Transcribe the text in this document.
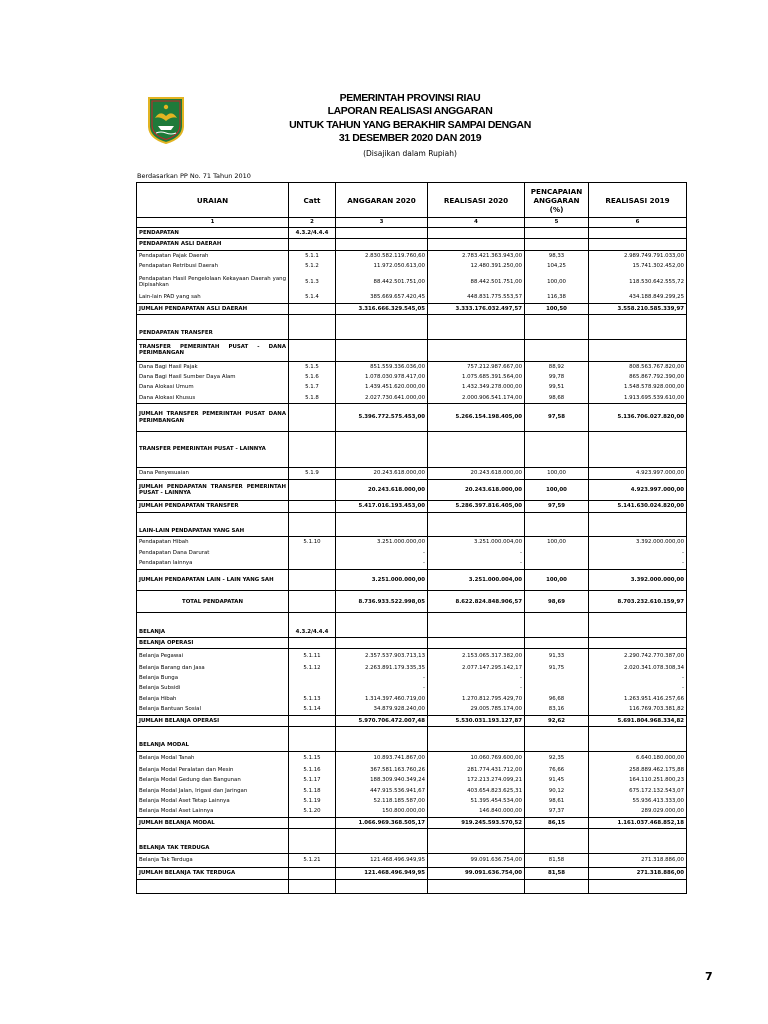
PEMERINTAH PROVINSI RIAU
LAPORAN REALISASI ANGGARAN
UNTUK TAHUN YANG BERAKHIR SAMPAI DENGAN
31 DESEMBER 2020 DAN 2019
(Disajikan dalam Rupiah)
Berdasarkan PP No. 71 Tahun 2010
URAIAN	Catt	ANGGARAN 2020	REALISASI 2020	PENCAPAIAN ANGGARAN (%)	REALISASI 2019
1	2	3	4	5	6
PENDAPATAN	4.3.2/4.4.4				
PENDAPATAN ASLI DAERAH					
Pendapatan Pajak Daerah	5.1.1	2.830.582.119.760,60	2.783.421.363.943,00	98,33	2.989.749.791.033,00
Pendapatan Retribusi Daerah	5.1.2	11.972.050.613,00	12.480.391.250,00	104,25	15.741.302.452,00
Pendapatan Hasil Pengelolaan Kekayaan Daerah yang Dipisahkan	5.1.3	88.442.501.751,00	88.442.501.751,00	100,00	118.530.642.555,72
Lain-lain PAD yang sah	5.1.4	385.669.657.420,45	448.831.775.553,57	116,38	434.188.849.299,25
JUMLAH PENDAPATAN ASLI DAERAH		3.316.666.329.545,05	3.333.176.032.497,57	100,50	3.558.210.585.339,97

PENDAPATAN TRANSFER					
TRANSFER PEMERINTAH PUSAT - DANA PERIMBANGAN					
Dana Bagi Hasil Pajak	5.1.5	851.559.336.036,00	757.212.987.667,00	88,92	808.563.767.820,00
Dana Bagi Hasil Sumber Daya Alam	5.1.6	1.078.030.978.417,00	1.075.685.391.564,00	99,78	865.867.792.390,00
Dana Alokasi Umum	5.1.7	1.439.451.620.000,00	1.432.349.278.000,00	99,51	1.548.578.928.000,00
Dana Alokasi Khusus	5.1.8	2.027.730.641.000,00	2.000.906.541.174,00	98,68	1.913.695.539.610,00
JUMLAH TRANSFER PEMERINTAH PUSAT DANA PERIMBANGAN		5.396.772.575.453,00	5.266.154.198.405,00	97,58	5.136.706.027.820,00
TRANSFER PEMERINTAH PUSAT - LAINNYA					
Dana Penyesuaian	5.1.9	20.243.618.000,00	20.243.618.000,00	100,00	4.923.997.000,00
JUMLAH PENDAPATAN TRANSFER PEMERINTAH PUSAT - LAINNYA		20.243.618.000,00	20.243.618.000,00	100,00	4.923.997.000,00
JUMLAH PENDAPATAN TRANSFER		5.417.016.193.453,00	5.286.397.816.405,00	97,59	5.141.630.024.820,00

LAIN-LAIN PENDAPATAN YANG SAH					
Pendapatan Hibah	5.1.10	3.251.000.000,00	3.251.000.004,00	100,00	3.392.000.000,00
Pendapatan Dana Darurat		-	-		-
Pendapatan lainnya		-	-		-
JUMLAH PENDAPATAN LAIN - LAIN YANG SAH		3.251.000.000,00	3.251.000.004,00	100,00	3.392.000.000,00
TOTAL PENDAPATAN		8.736.933.522.998,05	8.622.824.848.906,57	98,69	8.703.232.610.159,97

BELANJA	4.3.2/4.4.4				
BELANJA OPERASI					
Belanja Pegawai	5.1.11	2.357.537.903.713,13	2.153.065.317.382,00	91,33	2.290.742.770.387,00
Belanja Barang dan Jasa	5.1.12	2.263.891.179.335,35	2.077.147.295.142,17	91,75	2.020.341.078.308,34
Belanja Bunga		-	-		-
Belanja Subsidi		-	-		-
Belanja Hibah	5.1.13	1.314.397.460.719,00	1.270.812.795.429,70	96,68	1.263.951.416.257,66
Belanja Bantuan Sosial	5.1.14	34.879.928.240,00	29.005.785.174,00	83,16	116.769.703.381,82
JUMLAH BELANJA OPERASI		5.970.706.472.007,48	5.530.031.193.127,87	92,62	5.691.804.968.334,82

BELANJA MODAL					
Belanja Modal Tanah	5.1.15	10.893.741.867,00	10.060.769.600,00	92,35	6.640.180.000,00
Belanja Modal Peralatan dan Mesin	5.1.16	367.581.163.760,26	281.774.431.712,00	76,66	258.889.462.175,88
Belanja Modal Gedung dan Bangunan	5.1.17	188.309.940.349,24	172.213.274.099,21	91,45	164.110.251.800,23
Belanja Modal Jalan, Irigasi dan Jaringan	5.1.18	447.915.536.941,67	403.654.823.625,31	90,12	675.172.132.543,07
Belanja Modal Aset Tetap Lainnya	5.1.19	52.118.185.587,00	51.395.454.534,00	98,61	55.936.413.333,00
Belanja Modal Aset Lainnya	5.1.20	150.800.000,00	146.840.000,00	97,37	289.029.000,00
JUMLAH BELANJA MODAL		1.066.969.368.505,17	919.245.593.570,52	86,15	1.161.037.468.852,18

BELANJA TAK TERDUGA					
Belanja Tak Terduga	5.1.21	121.468.496.949,95	99.091.636.754,00	81,58	271.318.886,00
JUMLAH BELANJA TAK TERDUGA		121.468.496.949,95	99.091.636.754,00	81,58	271.318.886,00

7
